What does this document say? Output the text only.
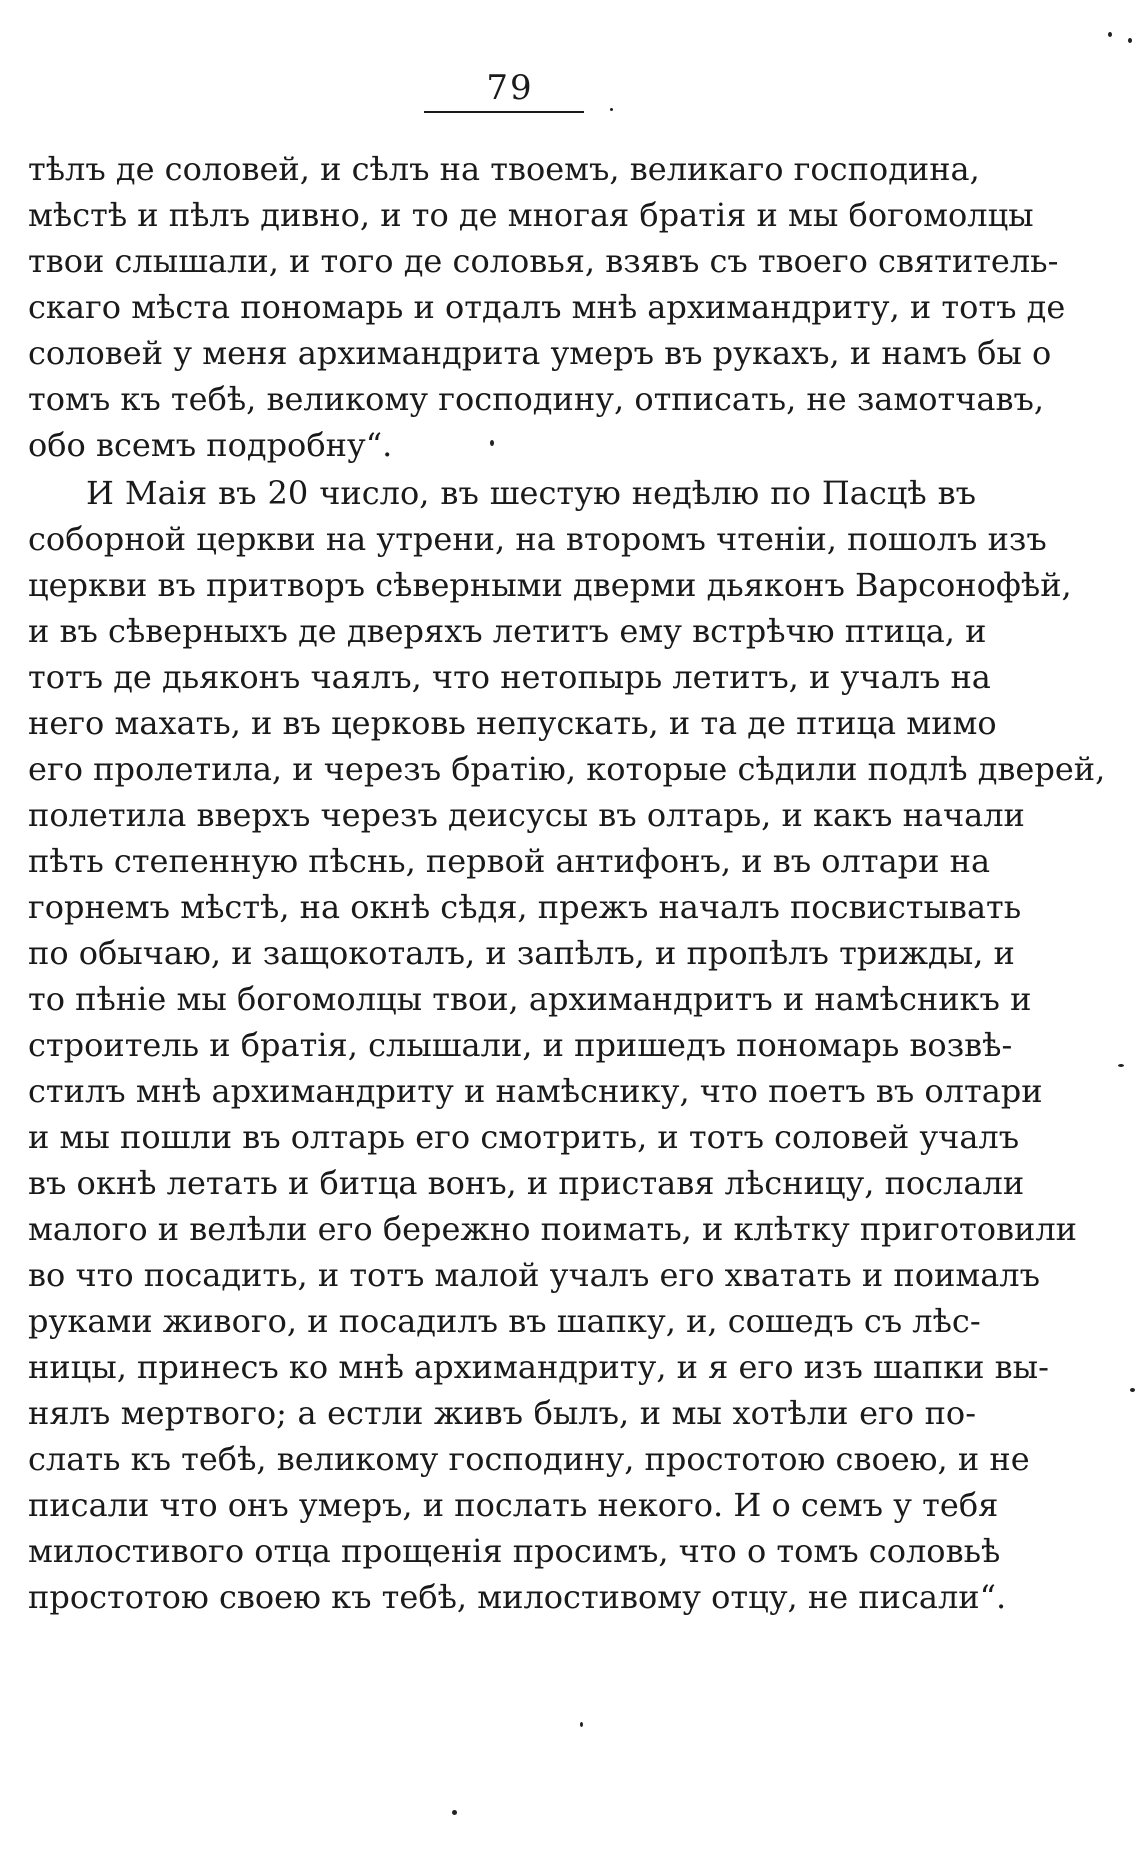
79
тѣлъ де соловей, и сѣлъ на твоемъ, великаго господина,
мѣстѣ и пѣлъ дивно, и то де многая братія и мы богомолцы
твои слышали, и того де соловья, взявъ съ твоего святитель-
скаго мѣста пономарь и отдалъ мнѣ архимандриту, и тотъ де
соловей у меня архимандрита умеръ въ рукахъ, и намъ бы о
томъ къ тебѣ, великому господину, отписать, не замотчавъ,
обо всемъ подробну“.
И Маія въ 20 число, въ шестую недѣлю по Пасцѣ въ
соборной церкви на утрени, на второмъ чтеніи, пошолъ изъ
церкви въ притворъ сѣверными дверми дьяконъ Варсонофѣй,
и въ сѣверныхъ де дверяхъ летитъ ему встрѣчю птица, и
тотъ де дьяконъ чаялъ, что нетопырь летитъ, и учалъ на
него махать, и въ церковь непускать, и та де птица мимо
его пролетила, и черезъ братію, которые сѣдили подлѣ дверей,
полетила вверхъ черезъ деисусы въ олтарь, и какъ начали
пѣть степенную пѣснь, первой антифонъ, и въ олтари на
горнемъ мѣстѣ, на окнѣ сѣдя, прежъ началъ посвистывать
по обычаю, и защокоталъ, и запѣлъ, и пропѣлъ трижды, и
то пѣніе мы богомолцы твои, архимандритъ и намѣсникъ и
строитель и братія, слышали, и пришедъ пономарь возвѣ-
стилъ мнѣ архимандриту и намѣснику, что поетъ въ олтари
и мы пошли въ олтарь его смотрить, и тотъ соловей учалъ
въ окнѣ летать и битца вонъ, и приставя лѣсницу, послали
малого и велѣли его бережно поимать, и клѣтку приготовили
во что посадить, и тотъ малой учалъ его хватать и поималъ
руками живого, и посадилъ въ шапку, и, сошедъ съ лѣс-
ницы, принесъ ко мнѣ архимандриту, и я его изъ шапки вы-
нялъ мертвого; а естли живъ былъ, и мы хотѣли его по-
слать къ тебѣ, великому господину, простотою своею, и не
писали что онъ умеръ, и послать некого. И о семъ у тебя
милостивого отца прощенія просимъ, что о томъ соловьѣ
простотою своею къ тебѣ, милостивому отцу, не писали“.
